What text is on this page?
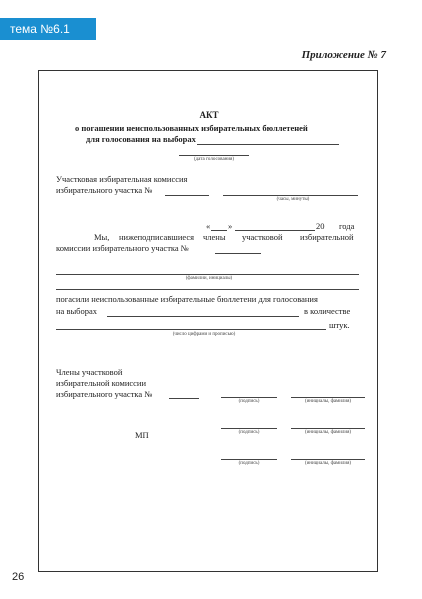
тема №6.1
Приложение № 7
АКТ
о погашении неиспользованных избирательных бюллетеней
для голосования на выборах
(дата голосования)
Участковая избирательная комиссия
избирательного участка №
(часы, минуты)
« »	20 года
Мы, нижеподписавшиеся члены участковой избирательной
комиссии избирательного участка №
(фамилии, инициалы)
погасили неиспользованные избирательные бюллетени для голосования
на выборах	в количестве
штук.
(число цифрами и прописью)
Члены участковой
избирательной комиссии
избирательного участка №
(подпись)	(инициалы, фамилия)
МП	(подпись)	(инициалы, фамилия)
(подпись)	(инициалы, фамилия)
26
